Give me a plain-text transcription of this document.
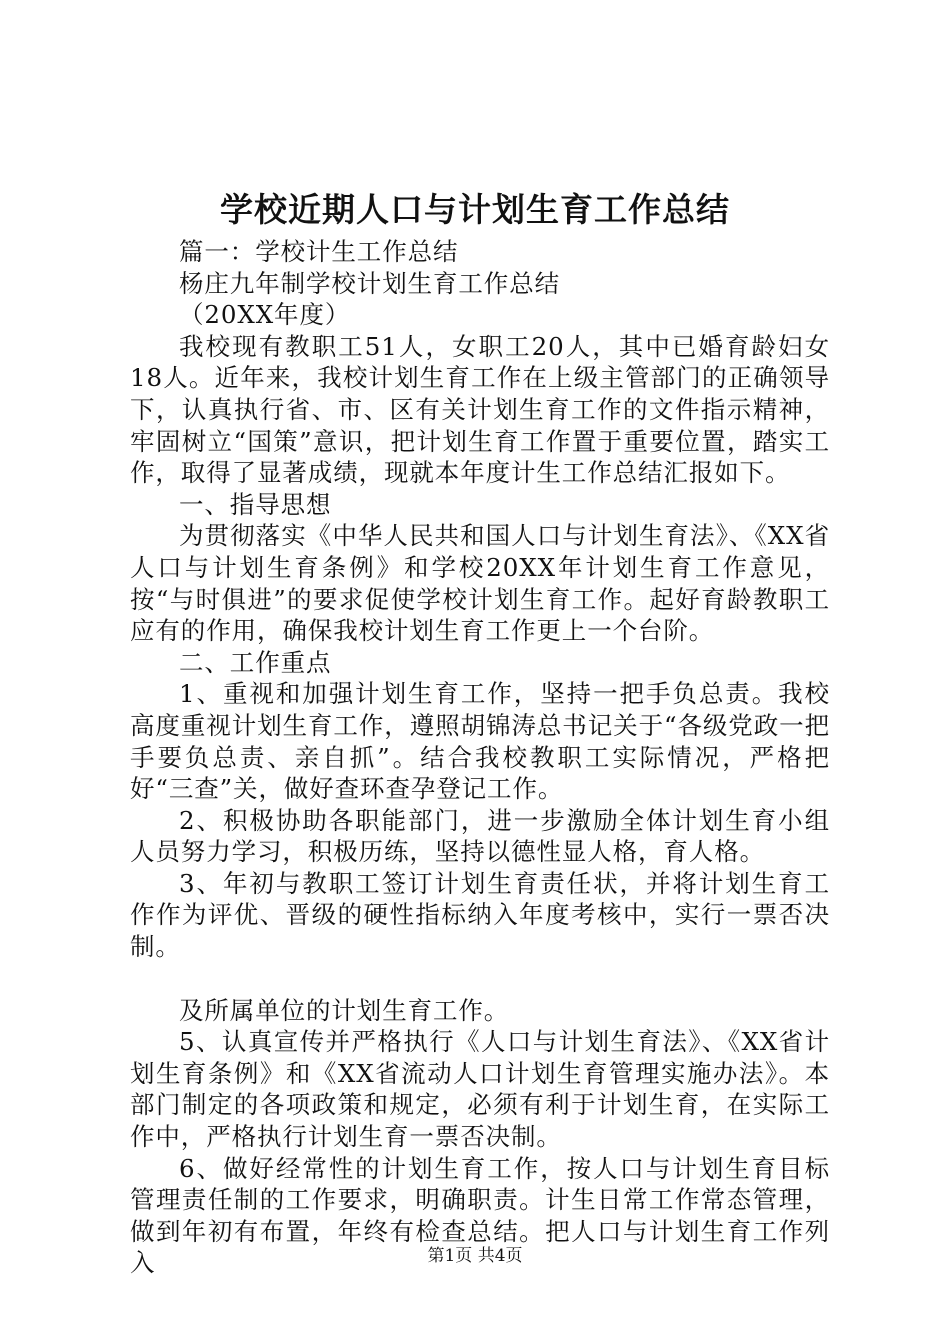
学校近期人口与计划生育工作总结

篇一：学校计生工作总结

杨庄九年制学校计划生育工作总结

（20XX年度）

我校现有教职工51人，女职工20人，其中已婚育龄妇女18人。近年来，我校计划生育工作在上级主管部门的正确领导下，认真执行省、市、区有关计划生育工作的文件指示精神，牢固树立“国策”意识，把计划生育工作置于重要位置，踏实工作，取得了显著成绩，现就本年度计生工作总结汇报如下。

一、指导思想

为贯彻落实《中华人民共和国人口与计划生育法》、《XX省人口与计划生育条例》和学校20XX年计划生育工作意见，按“与时俱进”的要求促使学校计划生育工作。起好育龄教职工应有的作用，确保我校计划生育工作更上一个台阶。

二、工作重点

1、重视和加强计划生育工作，坚持一把手负总责。我校高度重视计划生育工作，遵照胡锦涛总书记关于“各级党政一把手要负总责、亲自抓”。结合我校教职工实际情况，严格把好“三查”关，做好查环查孕登记工作。

2、积极协助各职能部门，进一步激励全体计划生育小组人员努力学习，积极历练，坚持以德性显人格，育人格。

3、年初与教职工签订计划生育责任状，并将计划生育工作作为评优、晋级的硬性指标纳入年度考核中，实行一票否决制。

及所属单位的计划生育工作。

5、认真宣传并严格执行《人口与计划生育法》、《XX省计划生育条例》和《XX省流动人口计划生育管理实施办法》。本部门制定的各项政策和规定，必须有利于计划生育，在实际工作中，严格执行计划生育一票否决制。

6、做好经常性的计划生育工作，按人口与计划生育目标管理责任制的工作要求，明确职责。计生日常工作常态管理，做到年初有布置，年终有检查总结。把人口与计划生育工作列入	第1页 共4页
